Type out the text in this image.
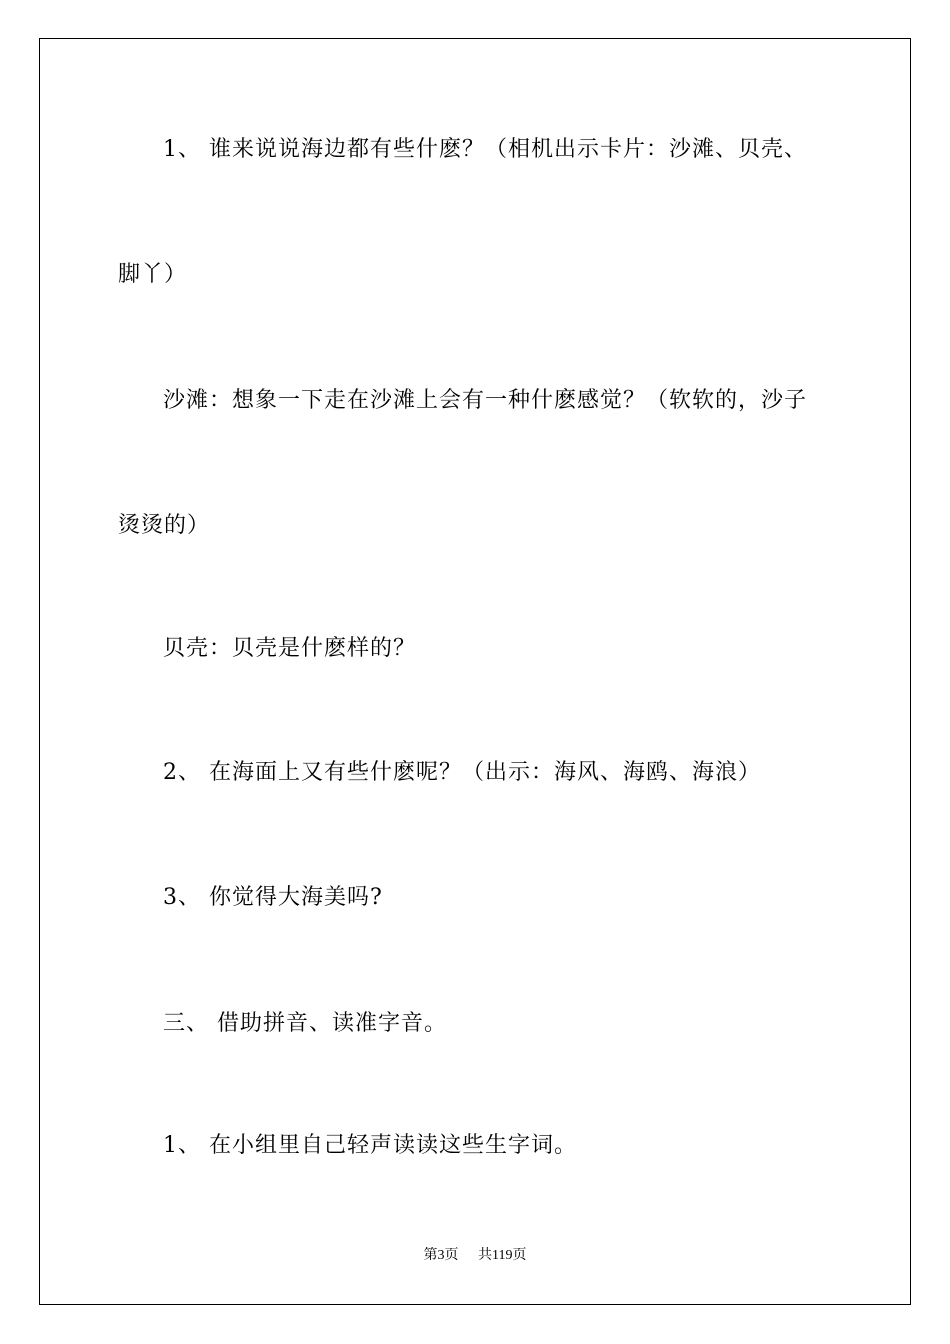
1、 谁来说说海边都有些什麽？（相机出示卡片：沙滩、贝壳、
脚丫）
沙滩：想象一下走在沙滩上会有一种什麽感觉？（软软的，沙子
烫烫的）
贝壳：贝壳是什麽样的？
2、 在海面上又有些什麽呢？（出示：海风、海鸥、海浪）
3、 你觉得大海美吗?
三、 借助拼音、读准字音。
1、 在小组里自己轻声读读这些生字词。
第3页 共119页
